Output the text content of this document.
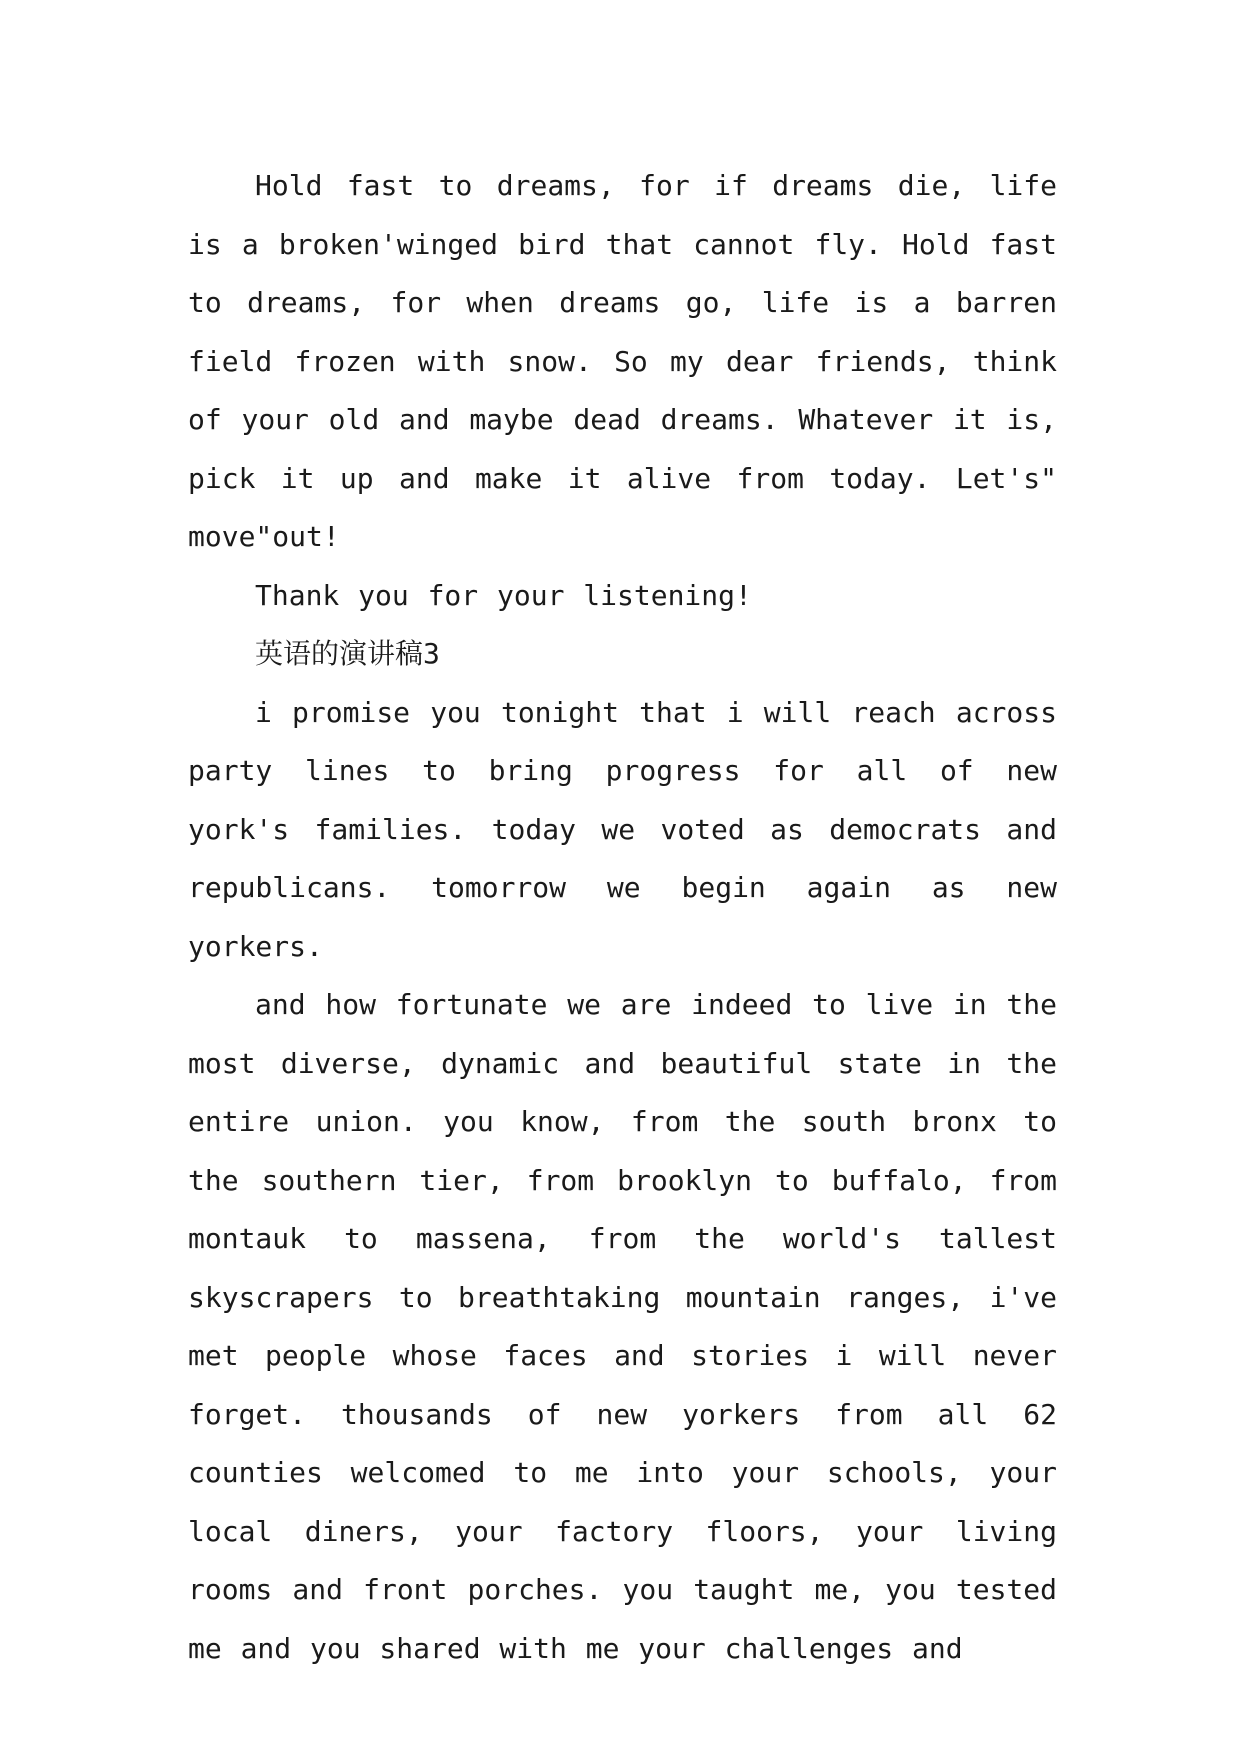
Hold fast to dreams, for if dreams die, life is a broken'winged bird that cannot fly. Hold fast to dreams, for when dreams go, life is a barren field frozen with snow. So my dear friends, think of your old and maybe dead dreams. Whatever it is, pick it up and make it alive from today. Let's" move"out!

Thank you for your listening!

英语的演讲稿3

i promise you tonight that i will reach across party lines to bring progress for all of new york's families. today we voted as democrats and republicans. tomorrow we begin again as new yorkers.

and how fortunate we are indeed to live in the most diverse, dynamic and beautiful state in the entire union. you know, from the south bronx to the southern tier, from brooklyn to buffalo, from montauk to massena, from the world's tallest skyscrapers to breathtaking mountain ranges, i've met people whose faces and stories i will never forget. thousands of new yorkers from all 62 counties welcomed to me into your schools, your local diners, your factory floors, your living rooms and front porches. you taught me, you tested me and you shared with me your challenges and
